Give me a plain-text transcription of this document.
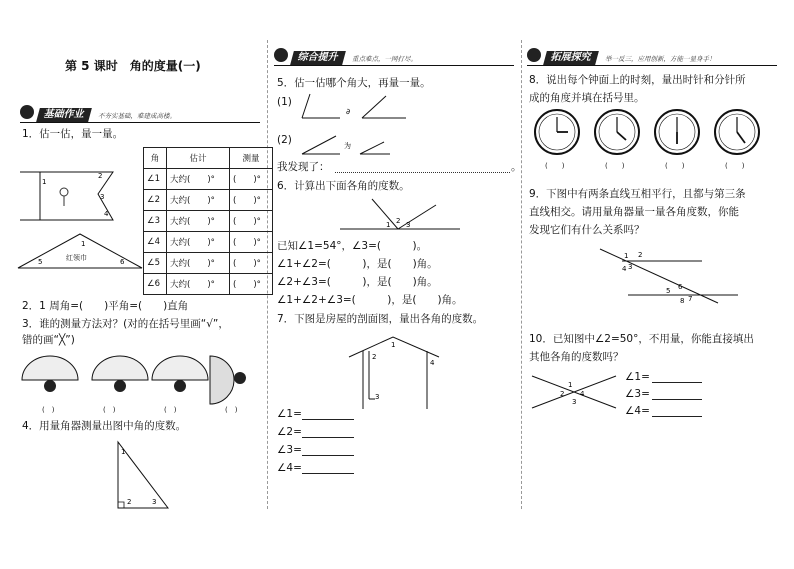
第 5 课时　角的度量(一)
基础作业	不夯实基础，难建成高楼。
1．估一估，量一量。
1
2
3
4
1
5	6
红领巾
角	估计	测量
∠1	大约(　　)°	(　　)°
∠2	大约(　　)°	(　　)°
∠3	大约(　　)°	(　　)°
∠4	大约(　　)°	(　　)°
∠5	大约(　　)°	(　　)°
∠6	大约(　　)°	(　　)°
2．1 周角=(　　)平角=(　　)直角
3．谁的测量方法对？(对的在括号里画“√”，
错的画“╳”)
(　)	(　)	(　)	(　)
4．用量角器测量出图中角的度数。
1
2	3
综合提升	重点难点，一网打尽。
5．估一估哪个角大，再量一量。
(1)
∂
(2)	为
我发现了：	。
6．计算出下面各角的度数。
1 2 3
已知∠1=54°，∠3=(　　　)。
∠1+∠2=(　　　)，是(　　)角。
∠2+∠3=(　　　)，是(　　)角。
∠1+∠2+∠3=(　　　)，是(　　)角。
7．下图是房屋的剖面图，量出各角的度数。
1
2
4
3
∠1=
∠2=
∠3=
∠4=
拓展探究	举一反三，应用创新，方能一显身手！
8．说出每个钟面上的时刻，量出时针和分针所
成的角度并填在括号里。
(　　)	(　　)	(　　)	(　　)
9．下图中有两条直线互相平行，且都与第三条
直线相交。请用量角器量一量各角度数，你能
发现它们有什么关系吗？
1
3
2
4
5 6
7
8
10．已知图中∠2=50°，不用量，你能直接填出
其他各角的度数吗？
1
2 4
3
∠1=
∠3=
∠4=
